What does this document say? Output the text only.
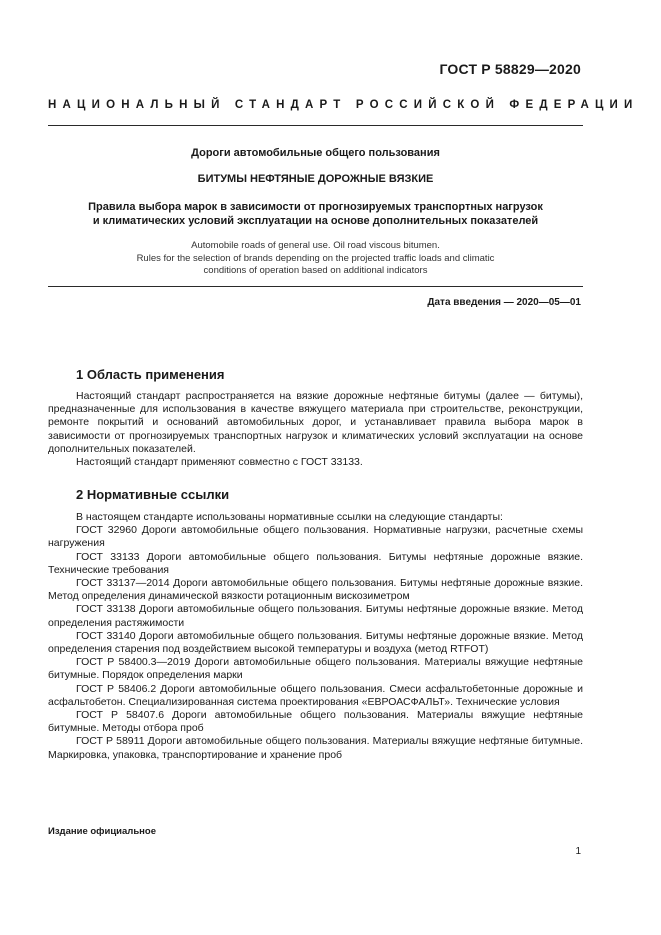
ГОСТ Р 58829—2020
НАЦИОНАЛЬНЫЙ СТАНДАРТ РОССИЙСКОЙ ФЕДЕРАЦИИ
Дороги автомобильные общего пользования
БИТУМЫ НЕФТЯНЫЕ ДОРОЖНЫЕ ВЯЗКИЕ
Правила выбора марок в зависимости от прогнозируемых транспортных нагрузок
и климатических условий эксплуатации на основе дополнительных показателей
Automobile roads of general use. Oil road viscous bitumen.
Rules for the selection of brands depending on the projected traffic loads and climatic
conditions of operation based on additional indicators
Дата введения — 2020—05—01
1 Область применения

Настоящий стандарт распространяется на вязкие дорожные нефтяные битумы (далее — битумы), предназначенные для использования в качестве вяжущего материала при строительстве, реконструкции, ремонте покрытий и оснований автомобильных дорог, и устанавливает правила выбора марок в зависимости от прогнозируемых транспортных нагрузок и климатических условий эксплуатации на основе дополнительных показателей.

Настоящий стандарт применяют совместно с ГОСТ 33133.

2 Нормативные ссылки

В настоящем стандарте использованы нормативные ссылки на следующие стандарты:

ГОСТ 32960 Дороги автомобильные общего пользования. Нормативные нагрузки, расчетные схемы нагружения

ГОСТ 33133 Дороги автомобильные общего пользования. Битумы нефтяные дорожные вязкие. Технические требования

ГОСТ 33137—2014 Дороги автомобильные общего пользования. Битумы нефтяные дорожные вязкие. Метод определения динамической вязкости ротационным вискозиметром

ГОСТ 33138 Дороги автомобильные общего пользования. Битумы нефтяные дорожные вязкие. Метод определения растяжимости

ГОСТ 33140 Дороги автомобильные общего пользования. Битумы нефтяные дорожные вязкие. Метод определения старения под воздействием высокой температуры и воздуха (метод RTFOT)

ГОСТ Р 58400.3—2019 Дороги автомобильные общего пользования. Материалы вяжущие нефтяные битумные. Порядок определения марки

ГОСТ Р 58406.2 Дороги автомобильные общего пользования. Смеси асфальтобетонные дорожные и асфальтобетон. Специализированная система проектирования «ЕВРОАСФАЛЬТ». Технические условия

ГОСТ Р 58407.6 Дороги автомобильные общего пользования. Материалы вяжущие нефтяные битумные. Методы отбора проб

ГОСТ Р 58911 Дороги автомобильные общего пользования. Материалы вяжущие нефтяные битумные. Маркировка, упаковка, транспортирование и хранение проб

Издание официальное
1
